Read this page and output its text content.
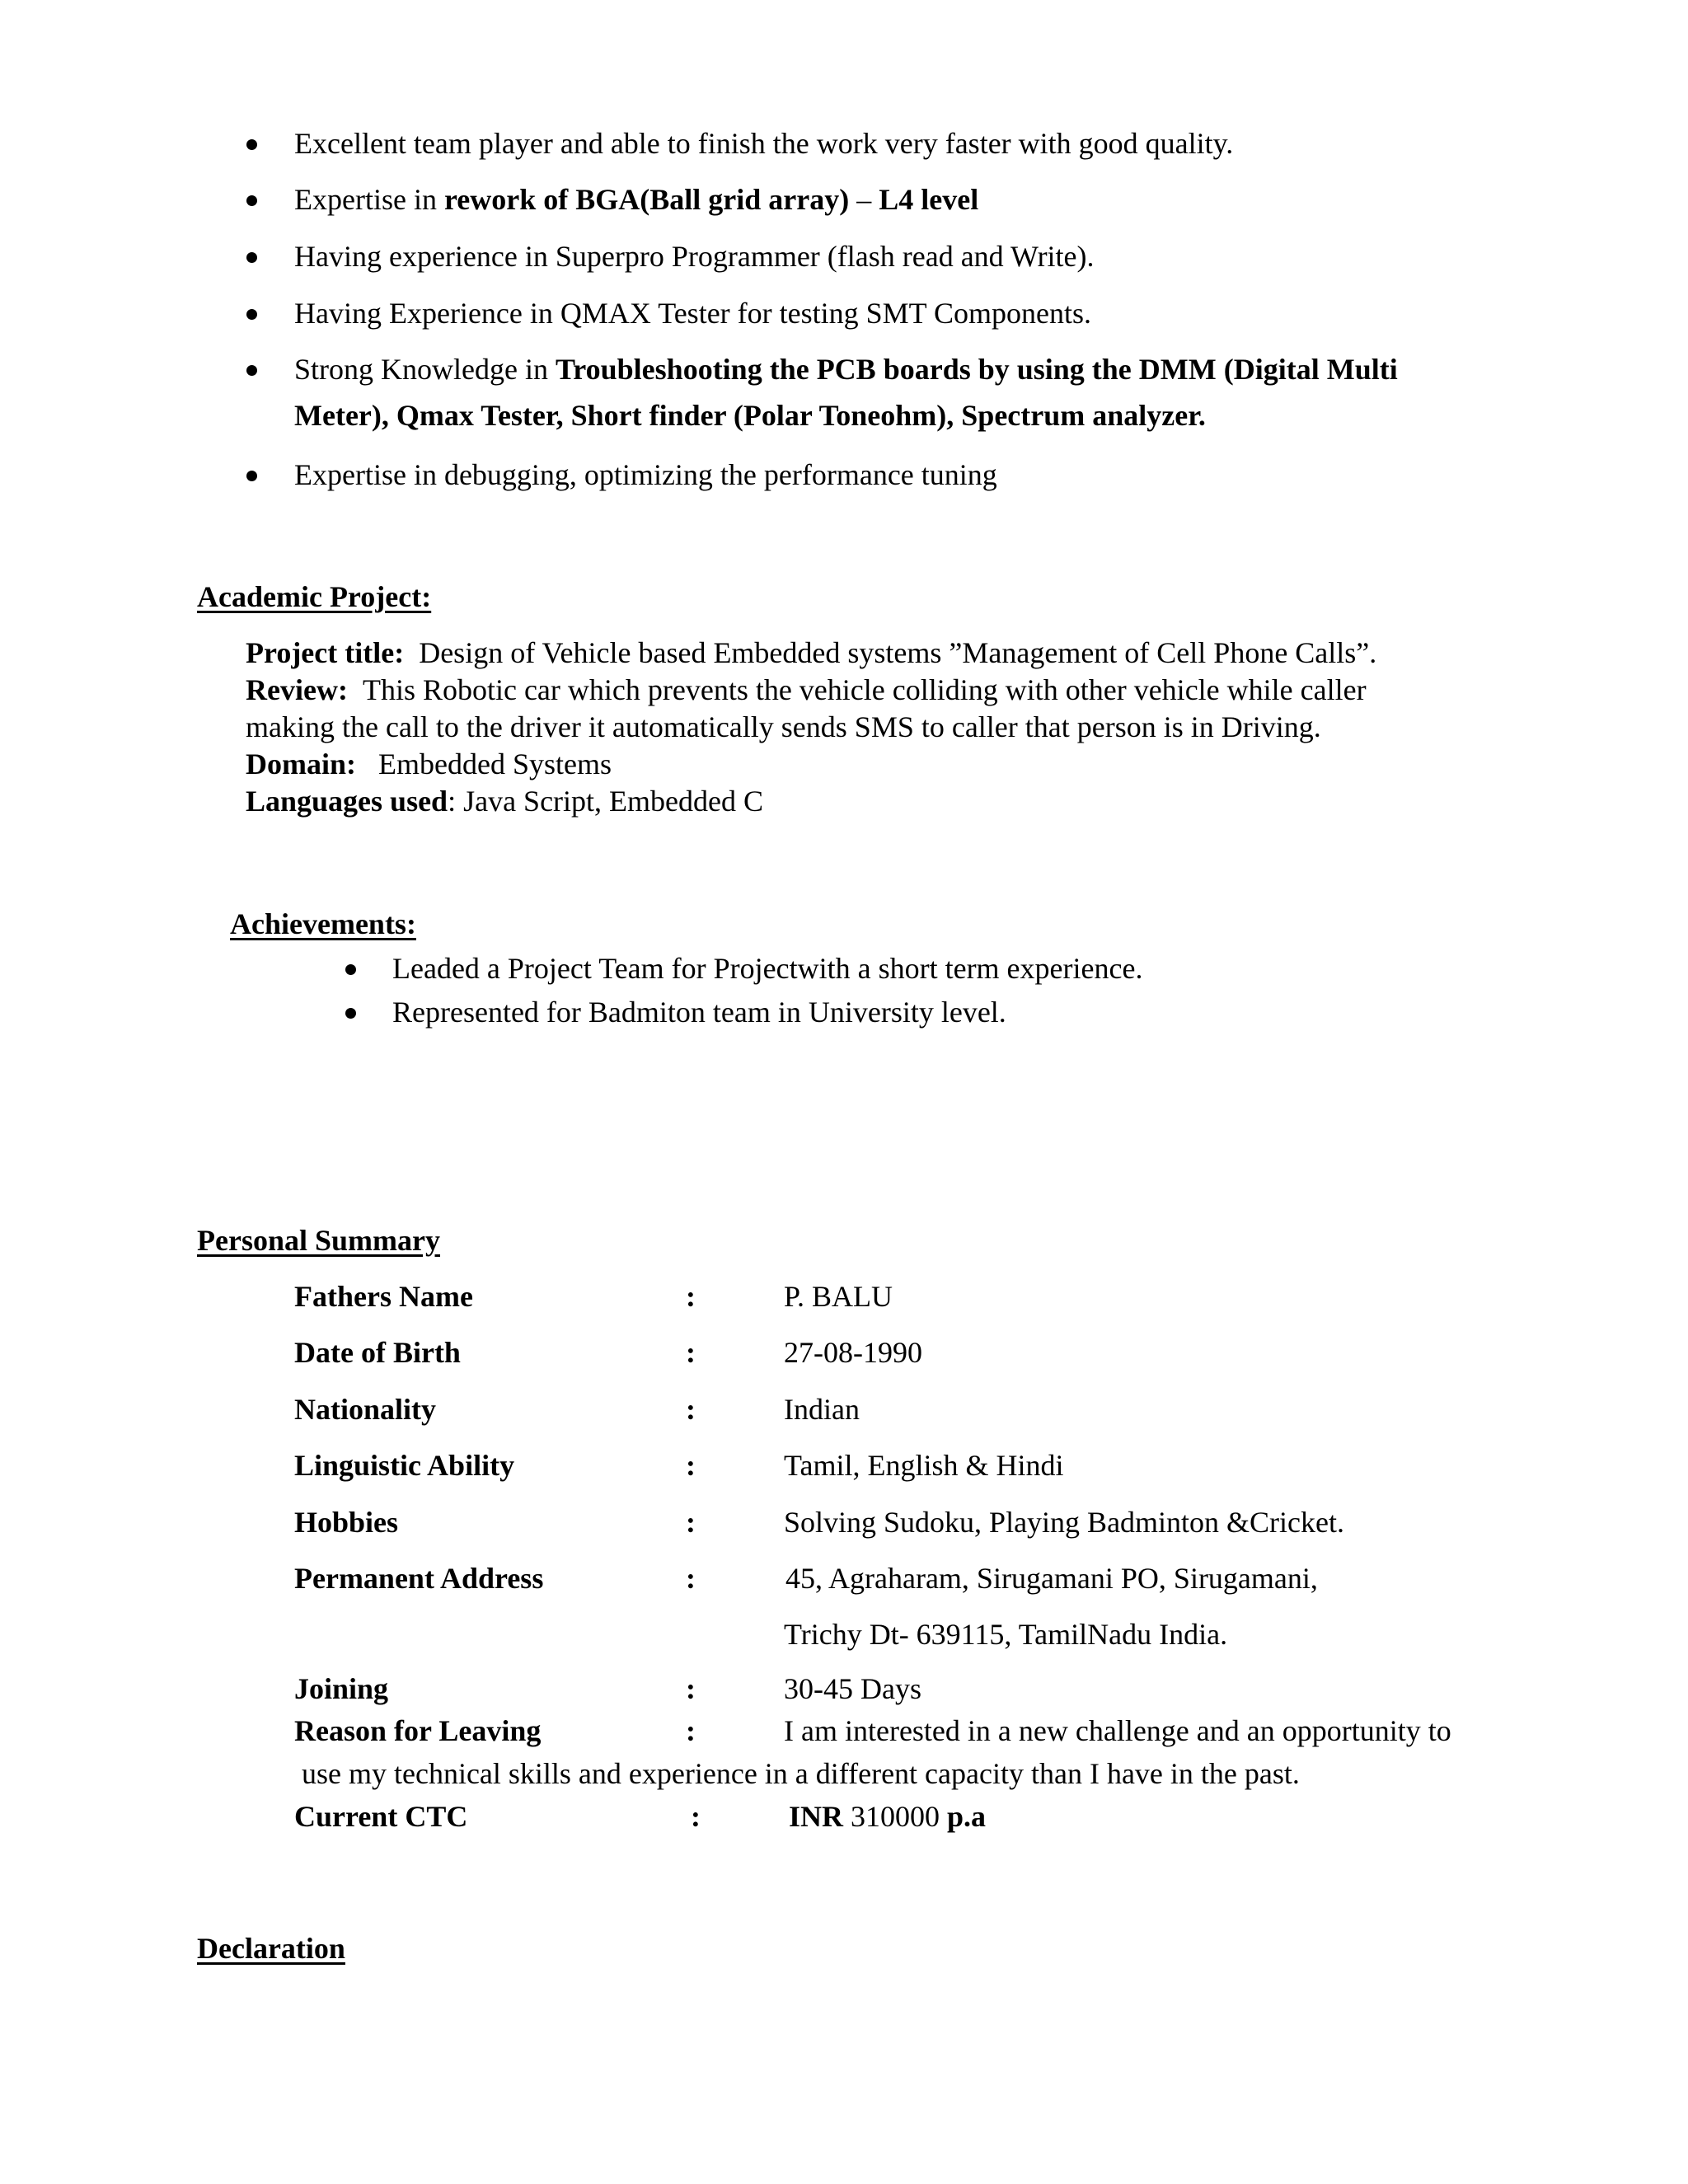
Excellent team player and able to finish the work very faster with good quality.
Expertise in rework of BGA(Ball grid array) – L4 level
Having experience in Superpro Programmer (flash read and Write).
Having Experience in QMAX Tester for testing SMT Components.
Strong Knowledge in Troubleshooting the PCB boards by using the DMM (Digital Multi
Meter), Qmax Tester, Short finder (Polar Toneohm), Spectrum analyzer.
Expertise in debugging, optimizing the performance tuning
Academic Project:
Project title: Design of Vehicle based Embedded systems ”Management of Cell Phone Calls”.
Review: This Robotic car which prevents the vehicle colliding with other vehicle while caller
making the call to the driver it automatically sends SMS to caller that person is in Driving.
Domain: Embedded Systems
Languages used: Java Script, Embedded C
Achievements:
Leaded a Project Team for Projectwith a short term experience.
Represented for Badmiton team in University level.
Personal Summary
Fathers Name	:	P. BALU
Date of Birth	:	27-08-1990
Nationality	:	Indian
Linguistic Ability	:	Tamil, English & Hindi
Hobbies	:	Solving Sudoku, Playing Badminton &Cricket.
Permanent Address	:	45, Agraharam, Sirugamani PO, Sirugamani,
Trichy Dt- 639115, TamilNadu India.
Joining	:	30-45 Days
Reason for Leaving	:	I am interested in a new challenge and an opportunity to
use my technical skills and experience in a different capacity than I have in the past.
Current CTC	:	INR 310000 p.a
Declaration
